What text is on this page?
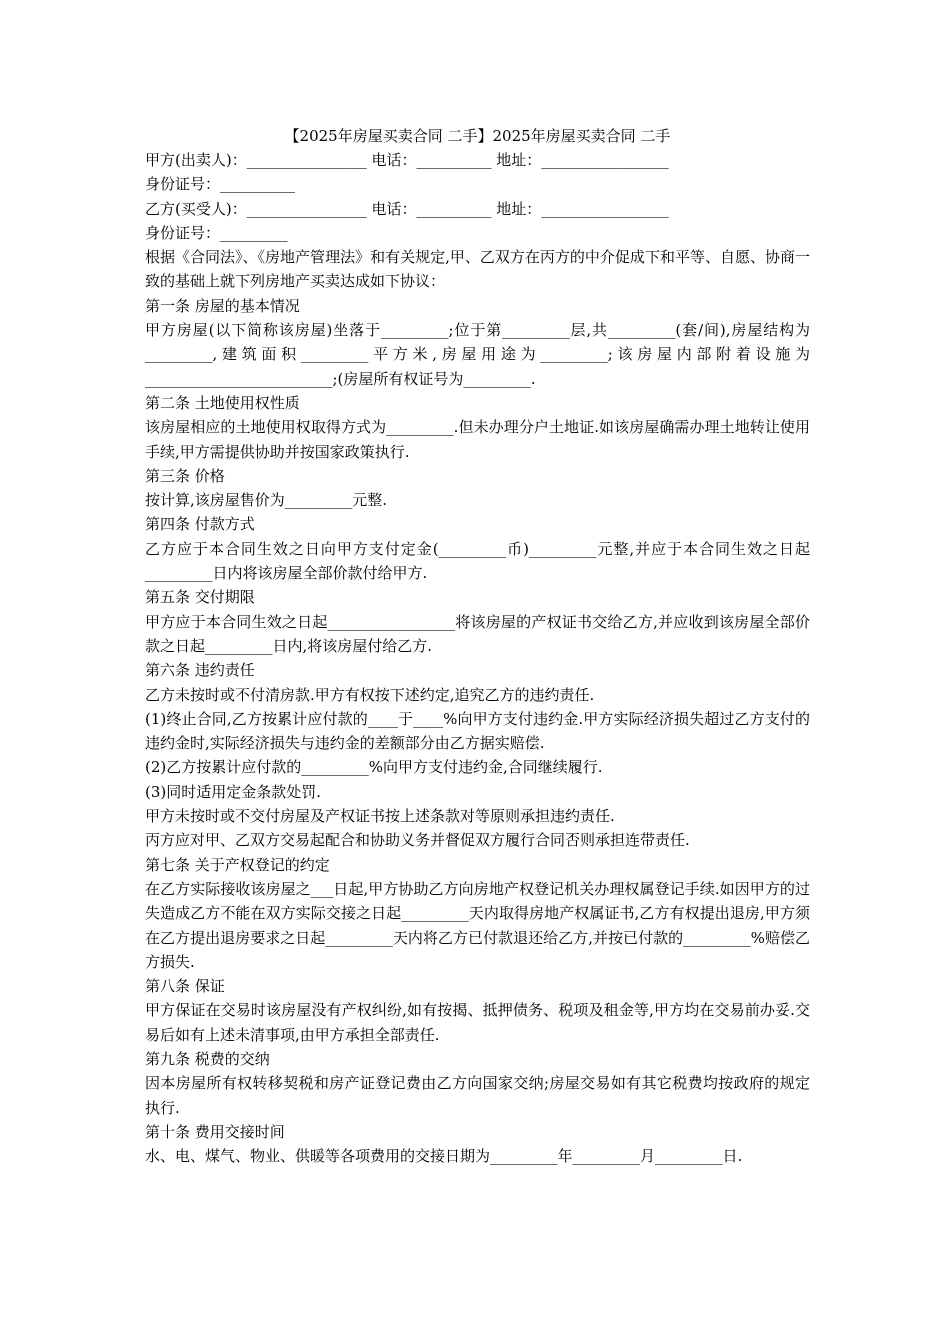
【2025年房屋买卖合同 二手】2025年房屋买卖合同 二手
甲方(出卖人)：________________ 电话：__________ 地址：_________________
身份证号：__________
乙方(买受人)：________________ 电话：__________ 地址：_________________
身份证号：_________
根据《合同法》、《房地产管理法》和有关规定,甲、乙双方在丙方的中介促成下和平等、自愿、协商一致的基础上就下列房地产买卖达成如下协议：
第一条 房屋的基本情况
甲方房屋(以下简称该房屋)坐落于_________;位于第_________层,共_________(套/间),房屋结构为_________,建筑面积_________平方米,房屋用途为_________;该房屋内部附着设施为_________________________;(房屋所有权证号为_________.
第二条 土地使用权性质
该房屋相应的土地使用权取得方式为_________.但未办理分户土地证.如该房屋确需办理土地转让使用手续,甲方需提供协助并按国家政策执行.
第三条 价格
按计算,该房屋售价为_________元整.
第四条 付款方式
乙方应于本合同生效之日向甲方支付定金(_________币)_________元整,并应于本合同生效之日起_________日内将该房屋全部价款付给甲方.
第五条 交付期限
甲方应于本合同生效之日起_________________将该房屋的产权证书交给乙方,并应收到该房屋全部价款之日起_________日内,将该房屋付给乙方.
第六条 违约责任
乙方未按时或不付清房款.甲方有权按下述约定,追究乙方的违约责任.
(1)终止合同,乙方按累计应付款的____于____%向甲方支付违约金.甲方实际经济损失超过乙方支付的违约金时,实际经济损失与违约金的差额部分由乙方据实赔偿.
(2)乙方按累计应付款的_________%向甲方支付违约金,合同继续履行.
(3)同时适用定金条款处罚.
甲方未按时或不交付房屋及产权证书按上述条款对等原则承担违约责任.
丙方应对甲、乙双方交易起配合和协助义务并督促双方履行合同否则承担连带责任.
第七条 关于产权登记的约定
在乙方实际接收该房屋之___日起,甲方协助乙方向房地产权登记机关办理权属登记手续.如因甲方的过失造成乙方不能在双方实际交接之日起_________天内取得房地产权属证书,乙方有权提出退房,甲方须在乙方提出退房要求之日起_________天内将乙方已付款退还给乙方,并按已付款的_________%赔偿乙方损失.
第八条 保证
甲方保证在交易时该房屋没有产权纠纷,如有按揭、抵押债务、税项及租金等,甲方均在交易前办妥.交易后如有上述未清事项,由甲方承担全部责任.
第九条 税费的交纳
因本房屋所有权转移契税和房产证登记费由乙方向国家交纳;房屋交易如有其它税费均按政府的规定执行.
第十条 费用交接时间
水、电、煤气、物业、供暖等各项费用的交接日期为_________年_________月_________日.
